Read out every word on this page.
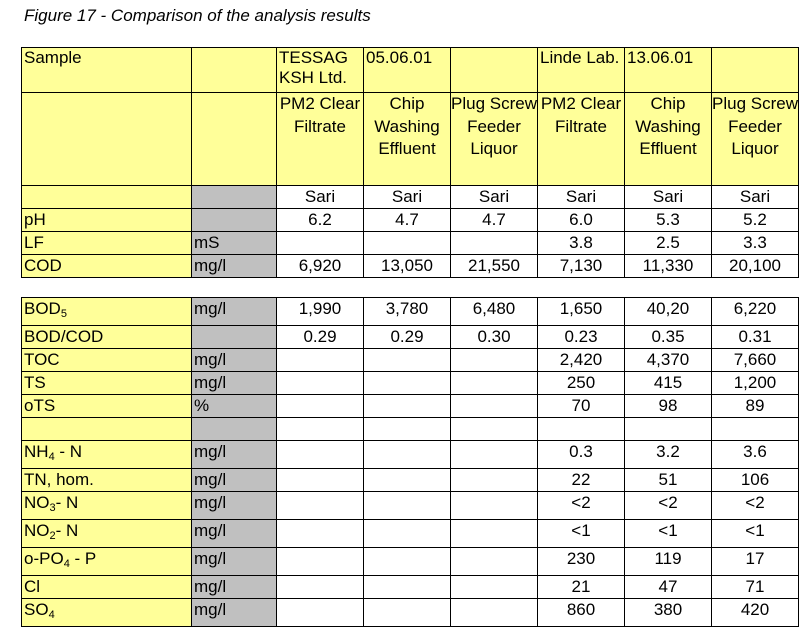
Figure 17 - Comparison of the analysis results
Sample		TESSAG KSH Ltd.	05.06.01		Linde Lab.	13.06.01	
		PM2 Clear Filtrate	Chip Washing Effluent	Plug Screw Feeder Liquor	PM2 Clear Filtrate	Chip Washing Effluent	Plug Screw Feeder Liquor
		Sari	Sari	Sari	Sari	Sari	Sari
pH		6.2	4.7	4.7	6.0	5.3	5.2
LF	mS				3.8	2.5	3.3
COD	mg/l	6,920	13,050	21,550	7,130	11,330	20,100
$BOD_5$	mg/l	1,990	3,780	6,480	1,650	40,20	6,220
BOD/COD		0.29	0.29	0.30	0.23	0.35	0.31
TOC	mg/l				2,420	4,370	7,660
TS	mg/l				250	415	1,200
oTS	%				70	98	89

$NH_4$ - N	mg/l				0.3	3.2	3.6
TN, hom.	mg/l				22	51	106
$NO_3-$ N	mg/l				<2	<2	<2
$NO_2-$ N	mg/l				<1	<1	<1
$o-PO_4$ - P	mg/l				230	119	17
Cl	mg/l				21	47	71
$SO_4$	mg/l				860	380	420
